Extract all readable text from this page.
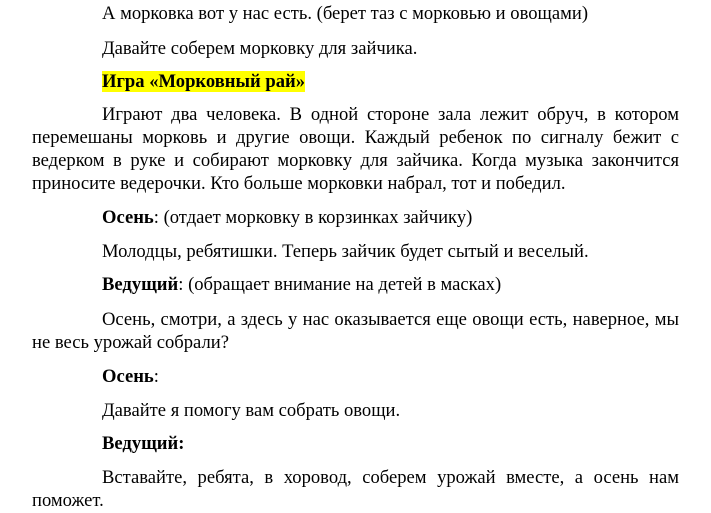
А морковка вот у нас есть. (берет таз с морковью и овощами)

Давайте соберем морковку для зайчика.

Игра «Морковный рай»

Играют два человека. В одной стороне зала лежит обруч, в котором перемешаны морковь и другие овощи. Каждый ребенок по сигналу бежит с ведерком в руке и собирают морковку для зайчика. Когда музыка закончится приносите ведерочки. Кто больше морковки набрал, тот и победил.

Осень: (отдает морковку в корзинках зайчику)

Молодцы, ребятишки. Теперь зайчик будет сытый и веселый.

Ведущий: (обращает внимание на детей в масках)

Осень, смотри, а здесь у нас оказывается еще овощи есть, наверное, мы не весь урожай собрали?

Осень:

Давайте я помогу вам собрать овощи.

Ведущий:

Вставайте, ребята, в хоровод, соберем урожай вместе, а осень нам поможет.
